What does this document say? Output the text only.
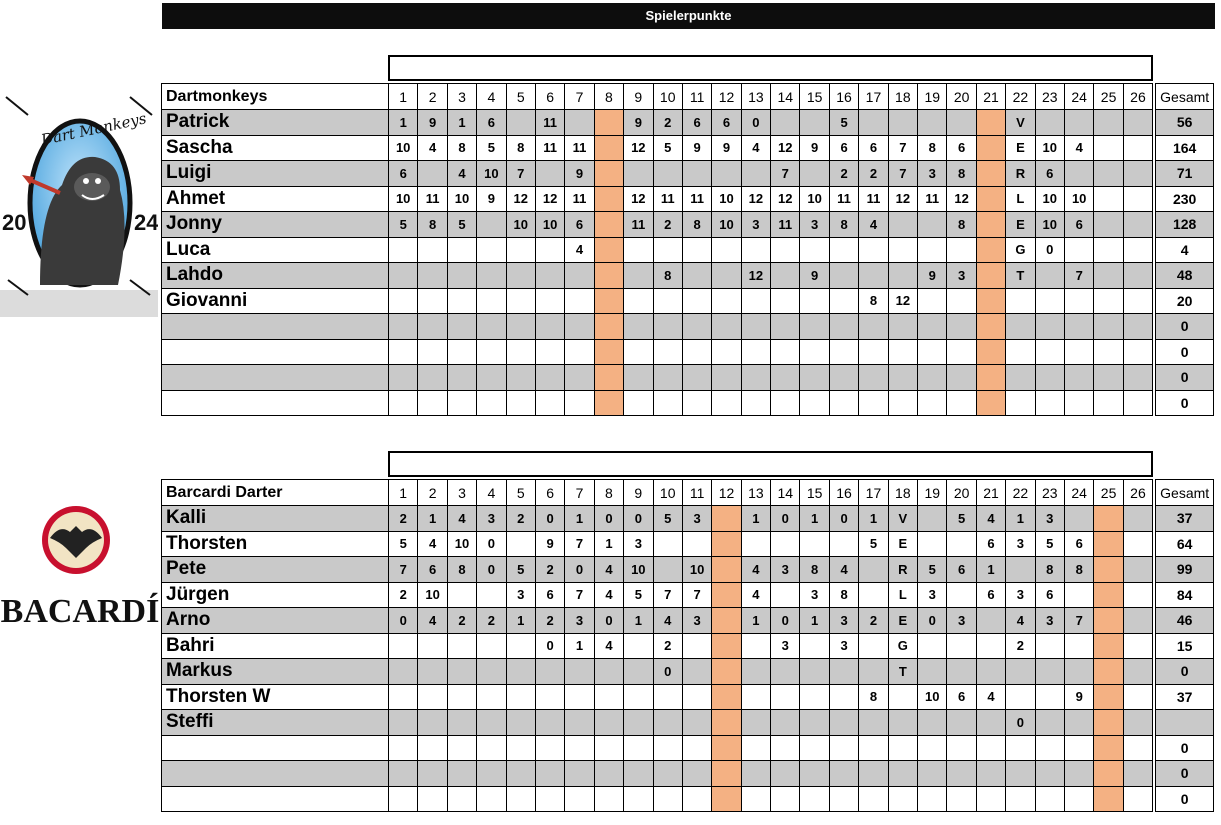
Spielerpunkte
Dart Monkeys
20	24
BACARDÍ
Dartmonkeys	1	2	3	4	5	6	7	8	9	10	11	12	13	14	15	16	17	18	19	20	21	22	23	24	25	26		Gesamt
Patrick	1	9	1	6		11			9	2	6	6	0			5						V						56
Sascha	10	4	8	5	8	11	11		12	5	9	9	4	12	9	6	6	7	8	6		E	10	4				164
Luigi	6		4	10	7		9							7		2	2	7	3	8		R	6					71
Ahmet	10	11	10	9	12	12	11		12	11	11	10	12	12	10	11	11	12	11	12		L	10	10				230
Jonny	5	8	5		10	10	6		11	2	8	10	3	11	3	8	4			8		E	10	6				128
Luca							4															G	0					4
Lahdo										8			12		9				9	3		T		7				48
Giovanni																	8	12										20
																												0
																												0
																												0
																												0
Barcardi Darter	1	2	3	4	5	6	7	8	9	10	11	12	13	14	15	16	17	18	19	20	21	22	23	24	25	26		Gesamt
Kalli	2	1	4	3	2	0	1	0	0	5	3		1	0	1	0	1	V		5	4	1	3					37
Thorsten	5	4	10	0		9	7	1	3								5	E			6	3	5	6				64
Pete	7	6	8	0	5	2	0	4	10		10		4	3	8	4		R	5	6	1		8	8				99
Jürgen	2	10			3	6	7	4	5	7	7		4		3	8		L	3		6	3	6					84
Arno	0	4	2	2	1	2	3	0	1	4	3		1	0	1	3	2	E	0	3		4	3	7				46
Bahri						0	1	4		2				3		3		G				2						15
Markus										0								T										0
Thorsten W																	8		10	6	4			9				37
Steffi																						0						
																												0
																												0
																												0
